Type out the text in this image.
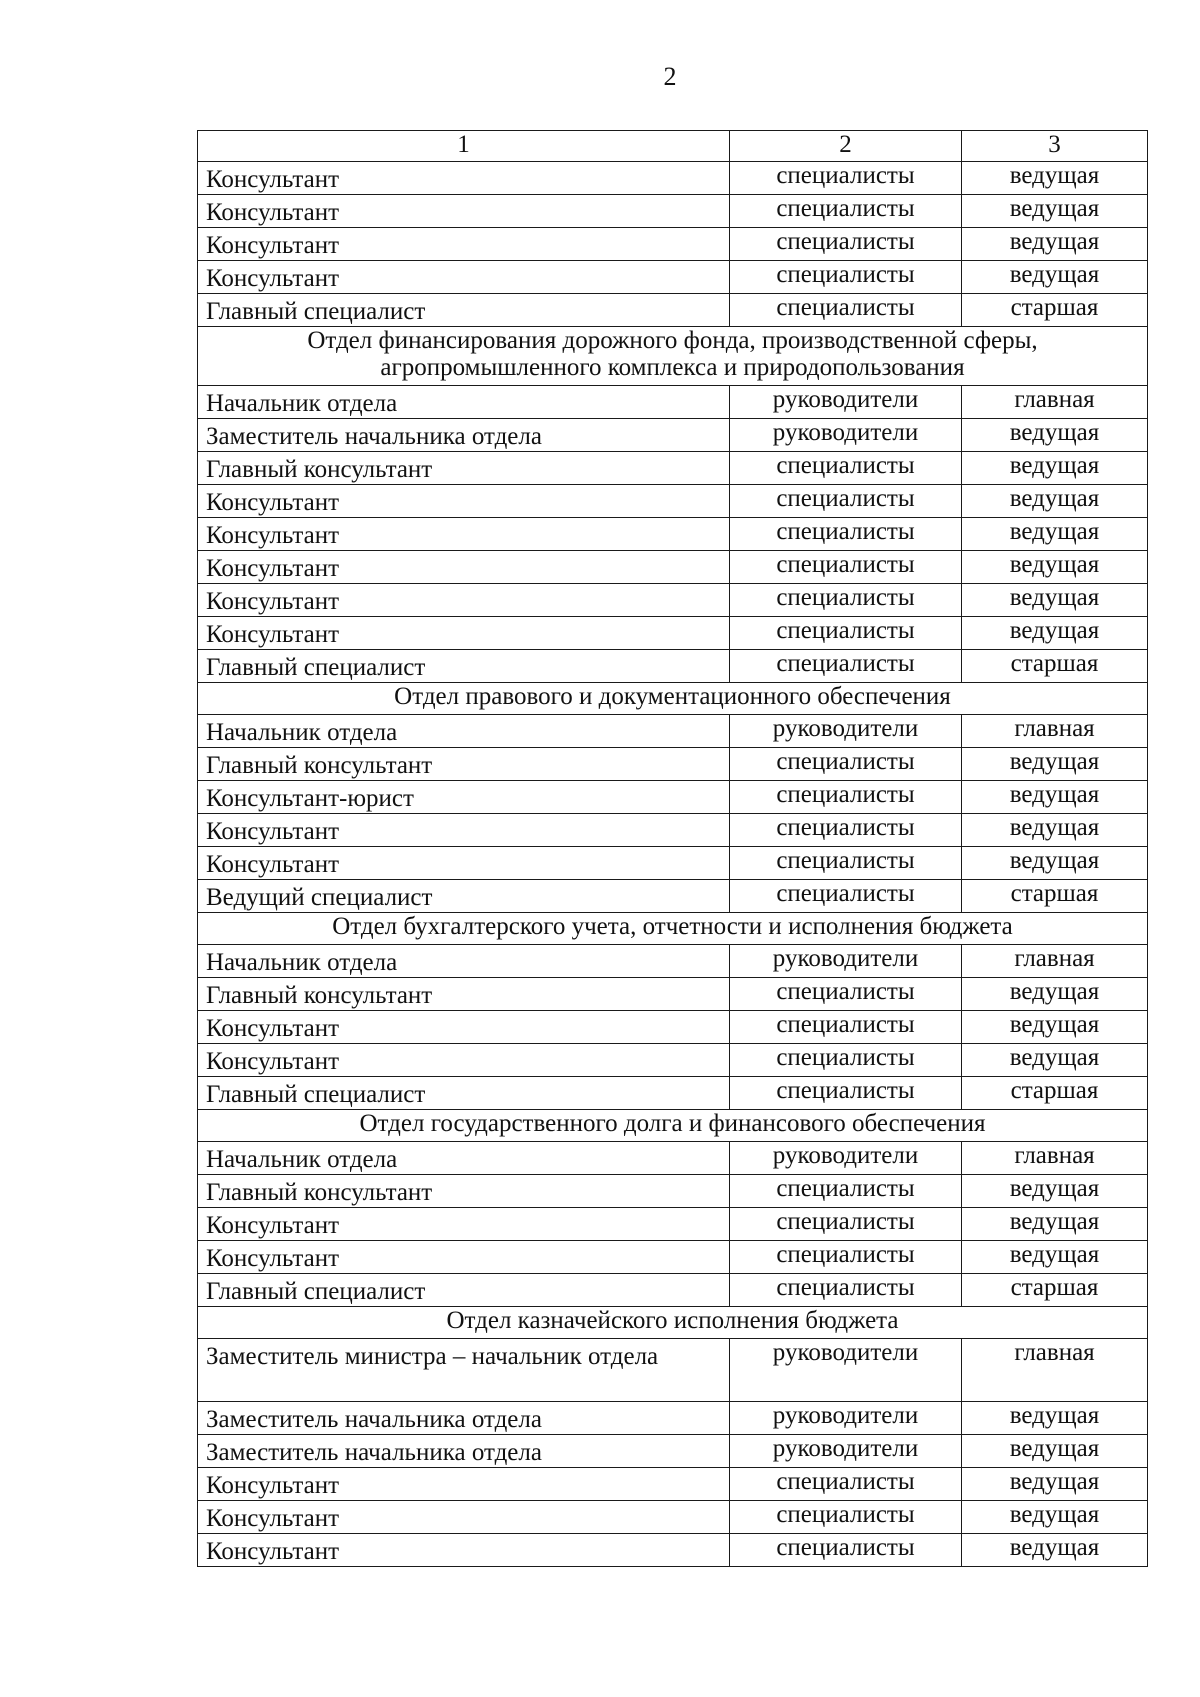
2
1	2	3
Консультант	специалисты	ведущая
Консультант	специалисты	ведущая
Консультант	специалисты	ведущая
Консультант	специалисты	ведущая
Главный специалист	специалисты	старшая
Отдел финансирования дорожного фонда, производственной сферы, агропромышленного комплекса и природопользования		
Начальник отдела	руководители	главная
Заместитель начальника отдела	руководители	ведущая
Главный консультант	специалисты	ведущая
Консультант	специалисты	ведущая
Консультант	специалисты	ведущая
Консультант	специалисты	ведущая
Консультант	специалисты	ведущая
Консультант	специалисты	ведущая
Главный специалист	специалисты	старшая
Отдел правового и документационного обеспечения		
Начальник отдела	руководители	главная
Главный консультант	специалисты	ведущая
Консультант-юрист	специалисты	ведущая
Консультант	специалисты	ведущая
Консультант	специалисты	ведущая
Ведущий специалист	специалисты	старшая
Отдел бухгалтерского учета, отчетности и исполнения бюджета		
Начальник отдела	руководители	главная
Главный консультант	специалисты	ведущая
Консультант	специалисты	ведущая
Консультант	специалисты	ведущая
Главный специалист	специалисты	старшая
Отдел государственного долга и финансового обеспечения		
Начальник отдела	руководители	главная
Главный консультант	специалисты	ведущая
Консультант	специалисты	ведущая
Консультант	специалисты	ведущая
Главный специалист	специалисты	старшая
Отдел казначейского исполнения бюджета		
Заместитель министра – начальник отдела	руководители	главная
Заместитель начальника отдела	руководители	ведущая
Заместитель начальника отдела	руководители	ведущая
Консультант	специалисты	ведущая
Консультант	специалисты	ведущая
Консультант	специалисты	ведущая
